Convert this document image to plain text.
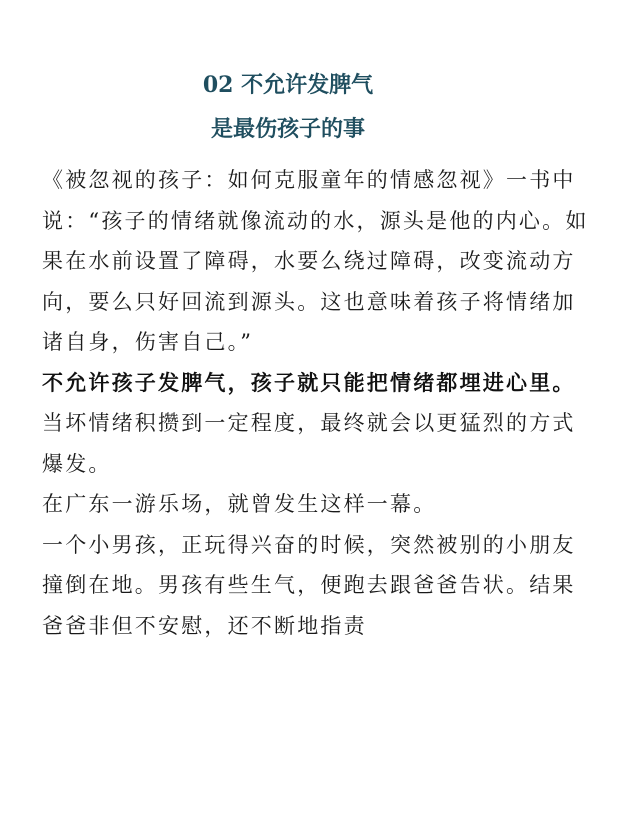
02 不允许发脾气
是最伤孩子的事

《被忽视的孩子：如何克服童年的情感忽视》一书中说：“孩子的情绪就像流动的水，源头是他的内心。如果在水前设置了障碍，水要么绕过障碍，改变流动方向，要么只好回流到源头。这也意味着孩子将情绪加诸自身，伤害自己。”

不允许孩子发脾气，孩子就只能把情绪都埋进心里。当坏情绪积攒到一定程度，最终就会以更猛烈的方式爆发。

在广东一游乐场，就曾发生这样一幕。

一个小男孩，正玩得兴奋的时候，突然被别的小朋友撞倒在地。男孩有些生气，便跑去跟爸爸告状。结果爸爸非但不安慰，还不断地指责
